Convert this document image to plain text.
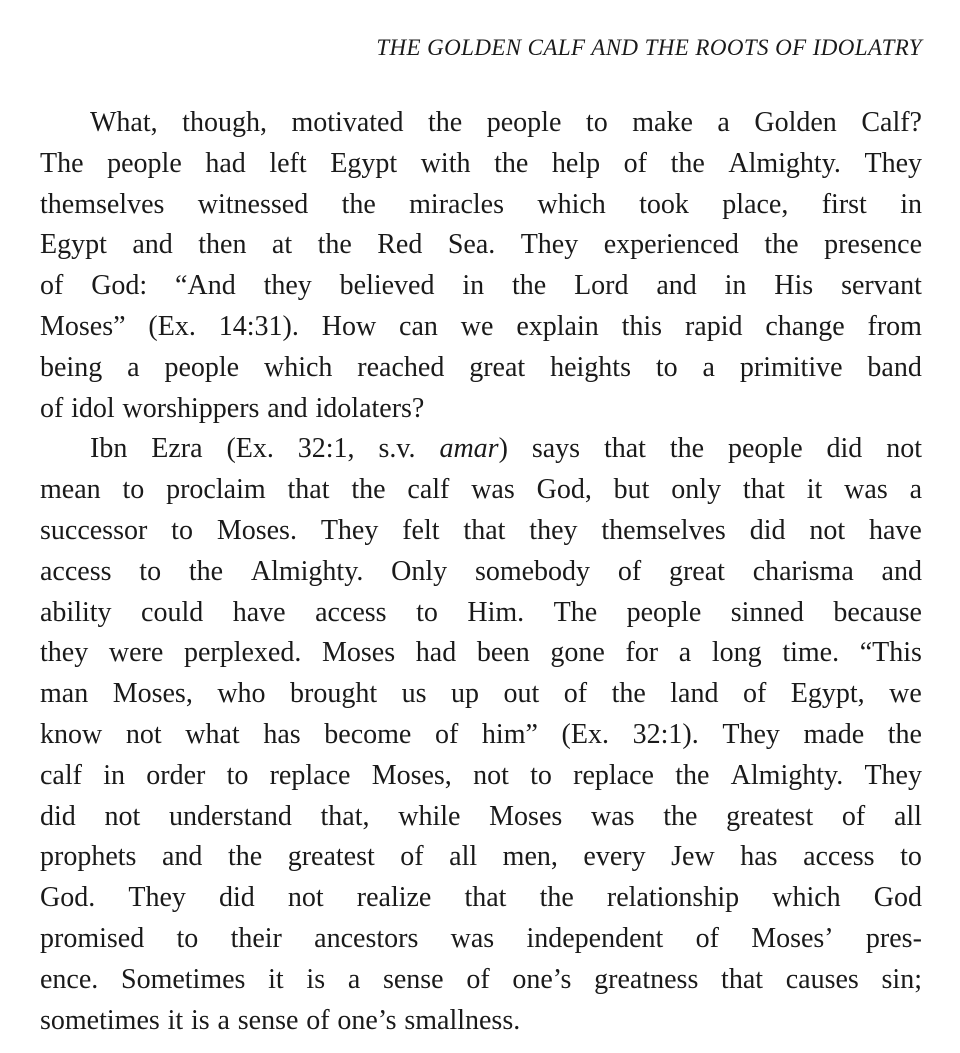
THE GOLDEN CALF AND THE ROOTS OF IDOLATRY
What, though, motivated the people to make a Golden Calf?
The people had left Egypt with the help of the Almighty. They
themselves witnessed the miracles which took place, first in
Egypt and then at the Red Sea. They experienced the presence
of God: “And they believed in the Lord and in His servant
Moses” (Ex. 14:31). How can we explain this rapid change from
being a people which reached great heights to a primitive band
of idol worshippers and idolaters?
Ibn Ezra (Ex. 32:1, s.v. amar) says that the people did not
mean to proclaim that the calf was God, but only that it was a
successor to Moses. They felt that they themselves did not have
access to the Almighty. Only somebody of great charisma and
ability could have access to Him. The people sinned because
they were perplexed. Moses had been gone for a long time. “This
man Moses, who brought us up out of the land of Egypt, we
know not what has become of him” (Ex. 32:1). They made the
calf in order to replace Moses, not to replace the Almighty. They
did not understand that, while Moses was the greatest of all
prophets and the greatest of all men, every Jew has access to
God. They did not realize that the relationship which God
promised to their ancestors was independent of Moses’ pres-
ence. Sometimes it is a sense of one’s greatness that causes sin;
sometimes it is a sense of one’s smallness.
